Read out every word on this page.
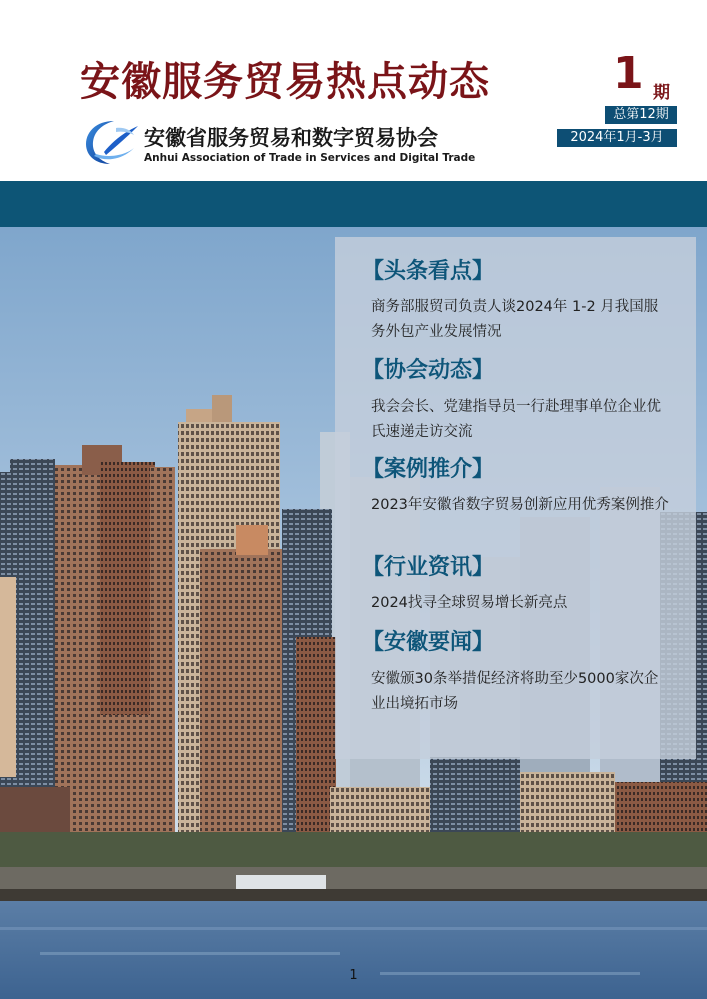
安徽服务贸易热点动态	1 期
总第12期
2024年1月-3月
安徽省服务贸易和数字贸易协会
Anhui Association of Trade in Services and Digital Trade
【头条看点】
商务部服贸司负责人谈2024年 1-2 月我国服务外包产业发展情况
【协会动态】
我会会长、党建指导员一行赴理事单位企业优氏速递走访交流
【案例推介】
2023年安徽省数字贸易创新应用优秀案例推介
【行业资讯】
2024找寻全球贸易增长新亮点
【安徽要闻】
安徽颁30条举措促经济将助至少5000家次企业出境拓市场
1
